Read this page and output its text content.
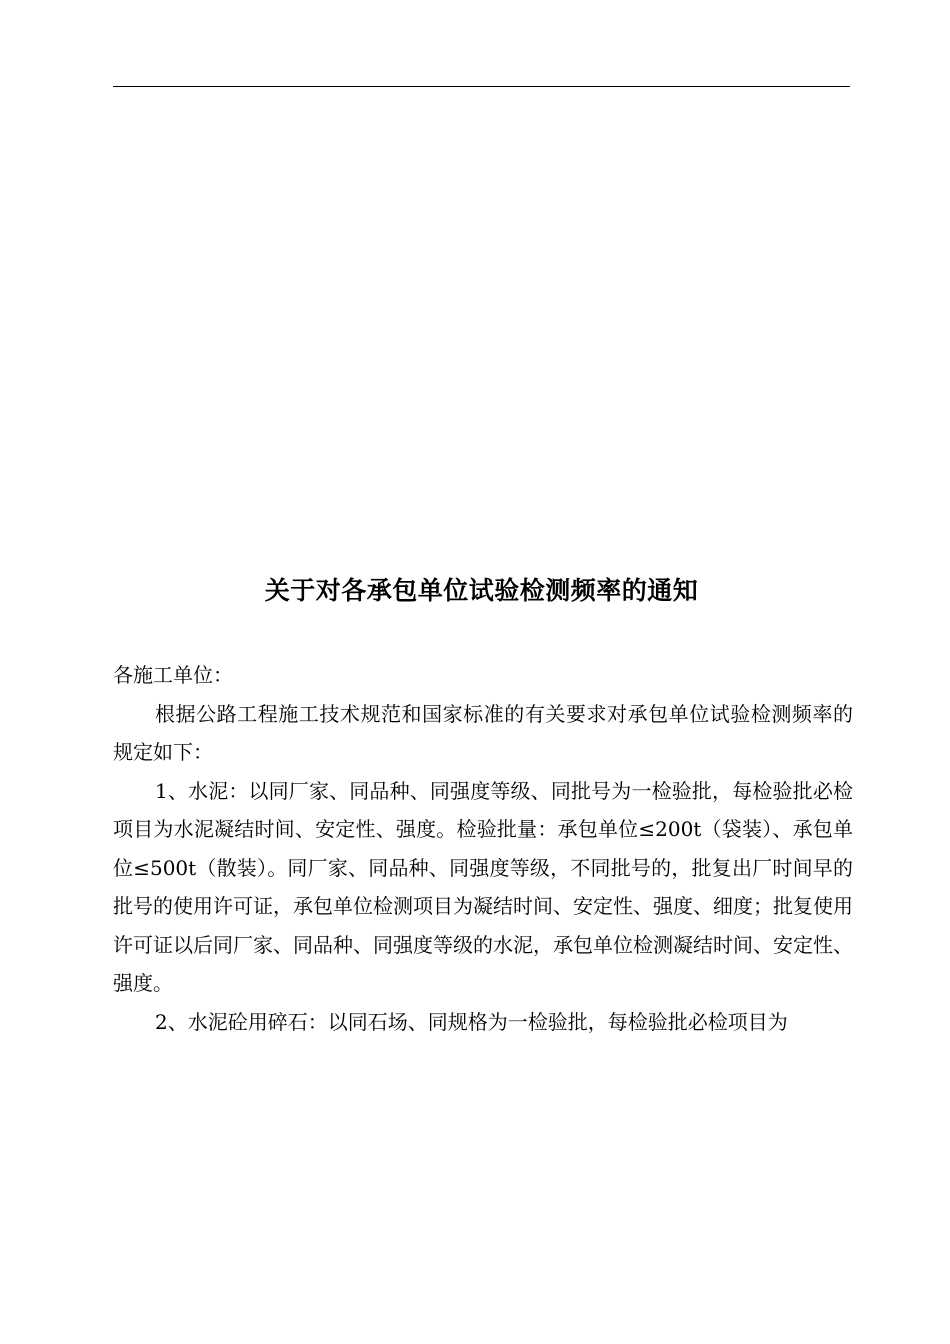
关于对各承包单位试验检测频率的通知

各施工单位：

根据公路工程施工技术规范和国家标准的有关要求对承包单位试验检测频率的规定如下：

1、水泥：以同厂家、同品种、同强度等级、同批号为一检验批，每检验批必检项目为水泥凝结时间、安定性、强度。检验批量：承包单位≤200t（袋装）、承包单位≤500t（散装）。同厂家、同品种、同强度等级，不同批号的，批复出厂时间早的批号的使用许可证，承包单位检测项目为凝结时间、安定性、强度、细度；批复使用许可证以后同厂家、同品种、同强度等级的水泥，承包单位检测凝结时间、安定性、强度。

2、水泥砼用碎石：以同石场、同规格为一检验批，每检验批必检项目为
